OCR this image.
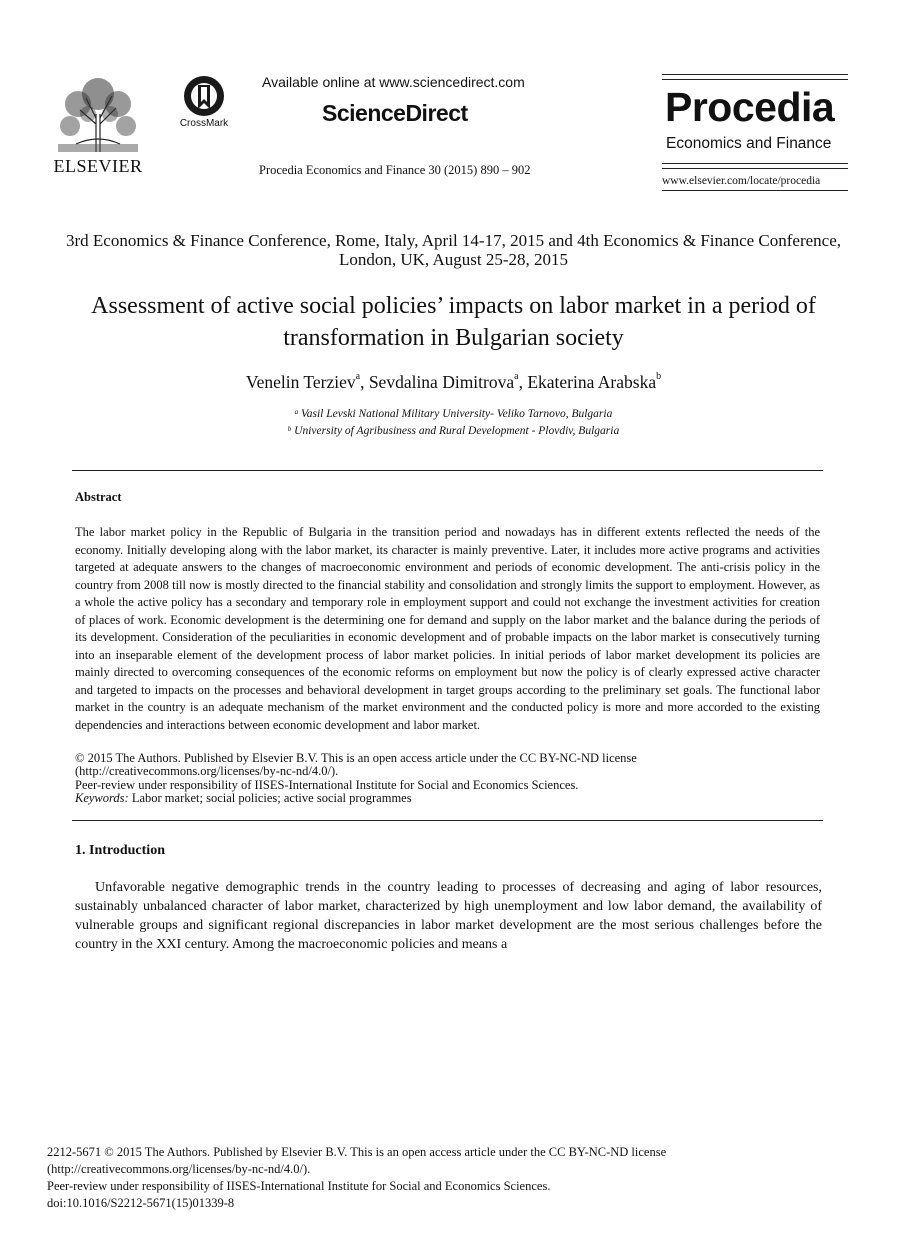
ELSEVIER
CrossMark
Available online at www.sciencedirect.com
ScienceDirect
Procedia Economics and Finance 30 (2015) 890 – 902
Procedia
Economics and Finance
www.elsevier.com/locate/procedia
3rd Economics & Finance Conference, Rome, Italy, April 14-17, 2015 and 4th Economics & Finance Conference, London, UK, August 25-28, 2015
Assessment of active social policies’ impacts on labor market in a period of transformation in Bulgarian society
Venelin Terziev$^a$, Sevdalina Dimitrova$^a$, Ekaterina Arabska$^b$
$^a$ Vasil Levski National Military University- Veliko Tarnovo, Bulgaria
$^b$ University of Agribusiness and Rural Development - Plovdiv, Bulgaria
Abstract
The labor market policy in the Republic of Bulgaria in the transition period and nowadays has in different extents reflected the needs of the economy. Initially developing along with the labor market, its character is mainly preventive. Later, it includes more active programs and activities targeted at adequate answers to the changes of macroeconomic environment and periods of economic development. The anti-crisis policy in the country from 2008 till now is mostly directed to the financial stability and consolidation and strongly limits the support to employment. However, as a whole the active policy has a secondary and temporary role in employment support and could not exchange the investment activities for creation of places of work. Economic development is the determining one for demand and supply on the labor market and the balance during the periods of its development. Consideration of the peculiarities in economic development and of probable impacts on the labor market is consecutively turning into an inseparable element of the development process of labor market policies. In initial periods of labor market development its policies are mainly directed to overcoming consequences of the economic reforms on employment but now the policy is of clearly expressed active character and targeted to impacts on the processes and behavioral development in target groups according to the preliminary set goals. The functional labor market in the country is an adequate mechanism of the market environment and the conducted policy is more and more accorded to the existing dependencies and interactions between economic development and labor market.
© 2015 The Authors. Published by Elsevier B.V. This is an open access article under the CC BY-NC-ND license
(http://creativecommons.org/licenses/by-nc-nd/4.0/).
Peer-review under responsibility of IISES-International Institute for Social and Economics Sciences.
Keywords: Labor market; social policies; active social programmes
1. Introduction
Unfavorable negative demographic trends in the country leading to processes of decreasing and aging of labor resources, sustainably unbalanced character of labor market, characterized by high unemployment and low labor demand, the availability of vulnerable groups and significant regional discrepancies in labor market development are the most serious challenges before the country in the XXI century. Among the macroeconomic policies and means a
2212-5671 © 2015 The Authors. Published by Elsevier B.V. This is an open access article under the CC BY-NC-ND license
(http://creativecommons.org/licenses/by-nc-nd/4.0/).
Peer-review under responsibility of IISES-International Institute for Social and Economics Sciences.
doi:10.1016/S2212-5671(15)01339-8
